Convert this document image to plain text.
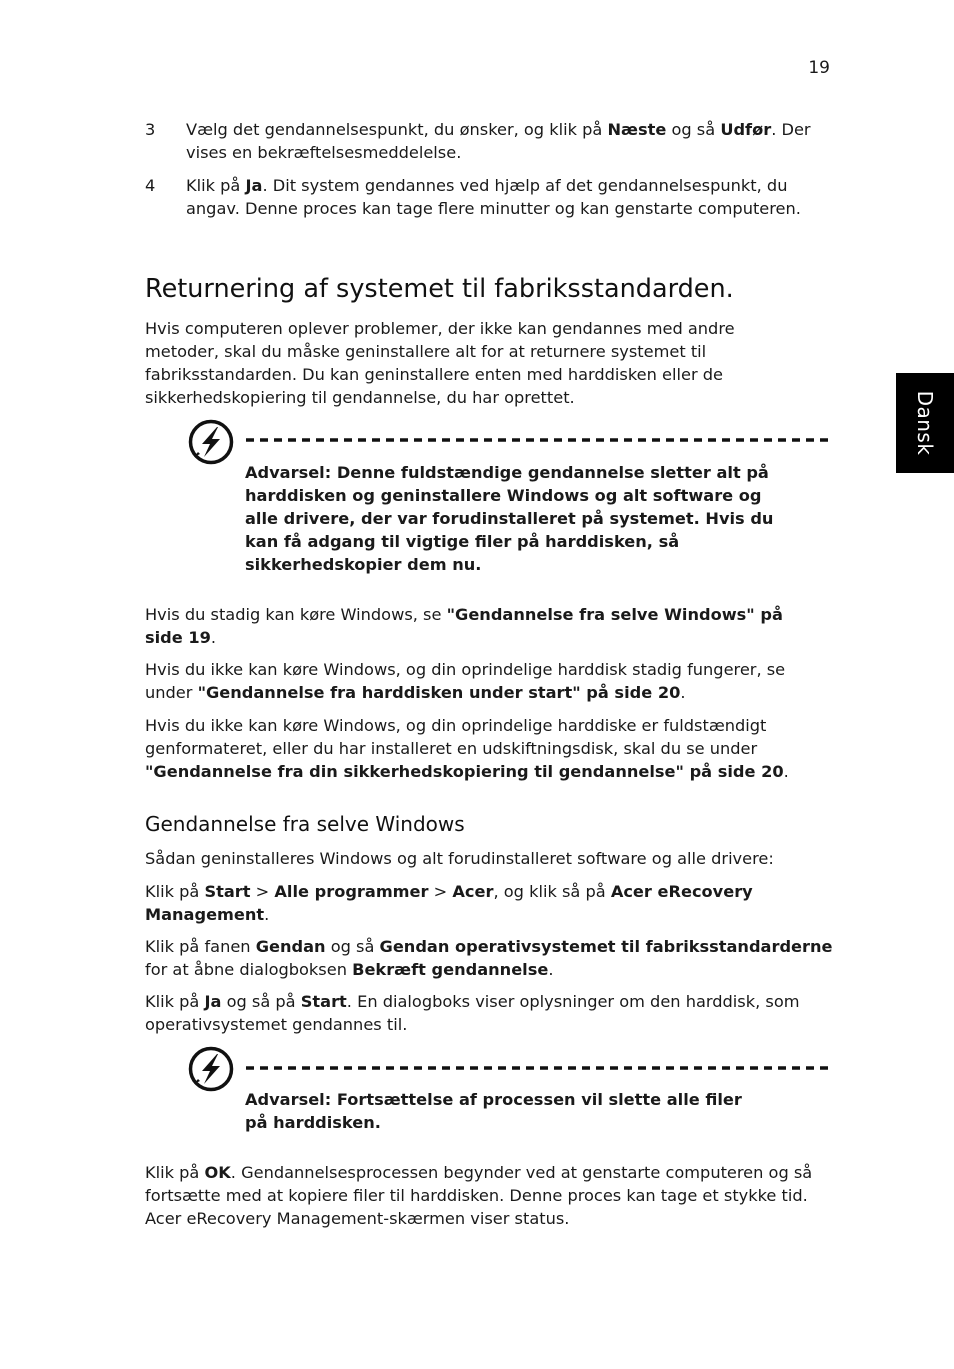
19
Dansk
3	Vælg det gendannelsespunkt, du ønsker, og klik på Næste og så Udfør. Der vises en bekræftelsesmeddelelse.

4	Klik på Ja. Dit system gendannes ved hjælp af det gendannelsespunkt, du angav. Denne proces kan tage flere minutter og kan genstarte computeren.

Returnering af systemet til fabriksstandarden.

Hvis computeren oplever problemer, der ikke kan gendannes med andre metoder, skal du måske geninstallere alt for at returnere systemet til fabriksstandarden. Du kan geninstallere enten med harddisken eller de sikkerhedskopiering til gendannelse, du har oprettet.

Advarsel: Denne fuldstændige gendannelse sletter alt på harddisken og geninstallere Windows og alt software og alle drivere, der var forudinstalleret på systemet. Hvis du kan få adgang til vigtige filer på harddisken, så sikkerhedskopier dem nu.

Hvis du stadig kan køre Windows, se "Gendannelse fra selve Windows" på side 19.

Hvis du ikke kan køre Windows, og din oprindelige harddisk stadig fungerer, se under "Gendannelse fra harddisken under start" på side 20.

Hvis du ikke kan køre Windows, og din oprindelige harddiske er fuldstændigt genformateret, eller du har installeret en udskiftningsdisk, skal du se under "Gendannelse fra din sikkerhedskopiering til gendannelse" på side 20.

Gendannelse fra selve Windows

Sådan geninstalleres Windows og alt forudinstalleret software og alle drivere:

Klik på Start > Alle programmer > Acer, og klik så på Acer eRecovery Management.

Klik på fanen Gendan og så Gendan operativsystemet til fabriksstandarderne for at åbne dialogboksen Bekræft gendannelse.

Klik på Ja og så på Start. En dialogboks viser oplysninger om den harddisk, som operativsystemet gendannes til.

Advarsel: Fortsættelse af processen vil slette alle filer på harddisken.

Klik på OK. Gendannelsesprocessen begynder ved at genstarte computeren og så fortsætte med at kopiere filer til harddisken. Denne proces kan tage et stykke tid. Acer eRecovery Management-skærmen viser status.
